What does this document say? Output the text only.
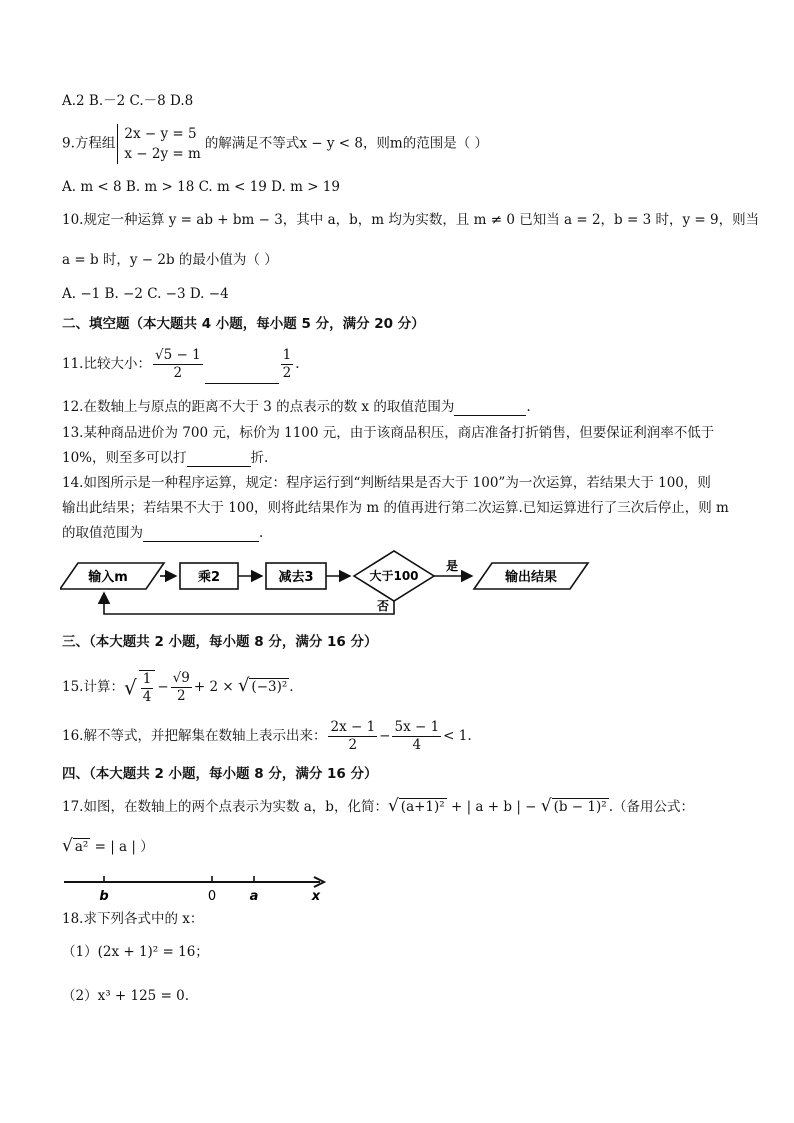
A.2 B.－2 C.－8 D.8
9.方程组
2x − y = 5
x − 2y = m
的解满足不等式x − y < 8，则m的范围是（ ）
A. m < 8 B. m > 18 C. m < 19 D. m > 19
10.规定一种运算 y = ab + bm − 3，其中 a，b，m 均为实数，且 m ≠ 0 已知当 a = 2，b = 3 时，y = 9，则当
a = b 时，y − 2b 的最小值为（ ）
A. −1 B. −2 C. −3 D. −4
二、填空题（本大题共 4 小题，每小题 5 分，满分 20 分）
11.比较大小： $\frac{√5 - 1}{2}$	$\frac{1}{2}$ .
12.在数轴上与原点的距离不大于 3 的点表示的数 x 的取值范围为	.
13.某种商品进价为 700 元，标价为 1100 元，由于该商品积压，商店准备打折销售，但要保证利润率不低于
10%，则至多可以打	折.
14.如图所示是一种程序运算，规定：程序运行到“判断结果是否大于 100”为一次运算，若结果大于 100，则
输出此结果；若结果不大于 100，则将此结果作为 m 的值再进行第二次运算.已知运算进行了三次后停止，则 m
的取值范围为	.
输入m	乘2	减去3	大于100
是
输出结果
否
三、（本大题共 2 小题，每小题 8 分，满分 16 分）
15.计算：√ $\frac{1}{4} - \frac{√9}{2} + 2$ × √ (−3)² .
16.解不等式，并把解集在数轴上表示出来： $\frac{2x - 1}{2} - \frac{5x - 1}{4} < 1$.
四、（本大题共 2 小题，每小题 8 分，满分 16 分）
17.如图，在数轴上的两个点表示为实数 a，b，化简：√ (a+1)² + | a + b | − √ (b − 1)² .（备用公式：
√ a² = | a | ）
b	0	a	x
18.求下列各式中的 x：
（1）(2x + 1)² = 16；
（2）x³ + 125 = 0.
